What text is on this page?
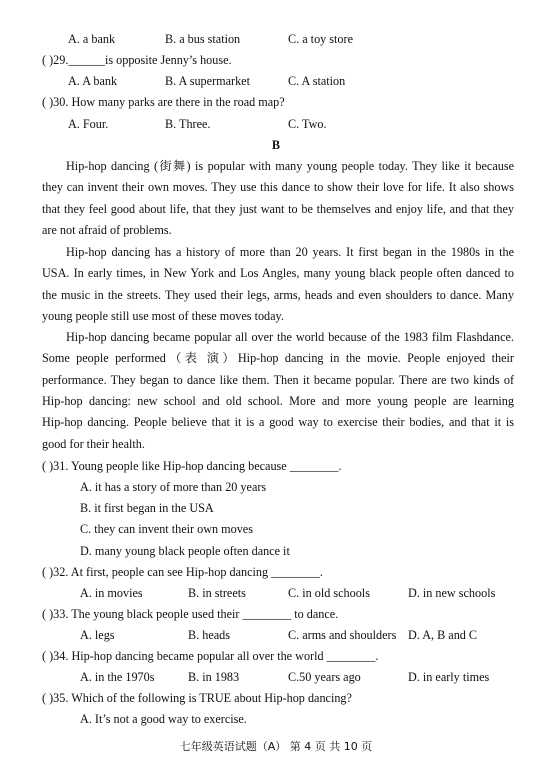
A. a bank	B. a bus station	C. a toy store
( )29.______is opposite Jenny’s house.
A. A bank	B. A supermarket	C. A station
( )30. How many parks are there in the road map?
A. Four.	B. Three.	C. Two.
B
Hip-hop dancing (街舞) is popular with many young people today. They like it because
they can invent their own moves. They use this dance to show their love for life. It also shows
that they feel good about life, that they just want to be themselves and enjoy life, and that they
are not afraid of problems.
Hip-hop dancing has a history of more than 20 years. It first began in the 1980s in the
USA. In early times, in New York and Los Angles, many young black people often danced to
the music in the streets. They used their legs, arms, heads and even shoulders to dance. Many
young people still use most of these moves today.
Hip-hop dancing became popular all over the world because of the 1983 film Flashdance.
Some people performed（表 演）Hip-hop dancing in the movie. People enjoyed their
performance. They began to dance like them. Then it became popular. There are two kinds of
Hip-hop dancing: new school and old school. More and more young people are learning
Hip-hop dancing. People believe that it is a good way to exercise their bodies, and that it is
good for their health.
( )31. Young people like Hip-hop dancing because ________.
A. it has a story of more than 20 years
B. it first began in the USA
C. they can invent their own moves
D. many young black people often dance it
( )32. At first, people can see Hip-hop dancing ________.
A. in movies	B. in streets	C. in old schools	D. in new schools
( )33. The young black people used their ________ to dance.
A. legs	B. heads	C. arms and shoulders D. A, B and C
( )34. Hip-hop dancing became popular all over the world ________.
A. in the 1970s	B. in 1983	C.50 years ago	D. in early times
( )35. Which of the following is TRUE about Hip-hop dancing?
A. It’s not a good way to exercise.
七年级英语试题（A） 第 4 页 共 10 页
